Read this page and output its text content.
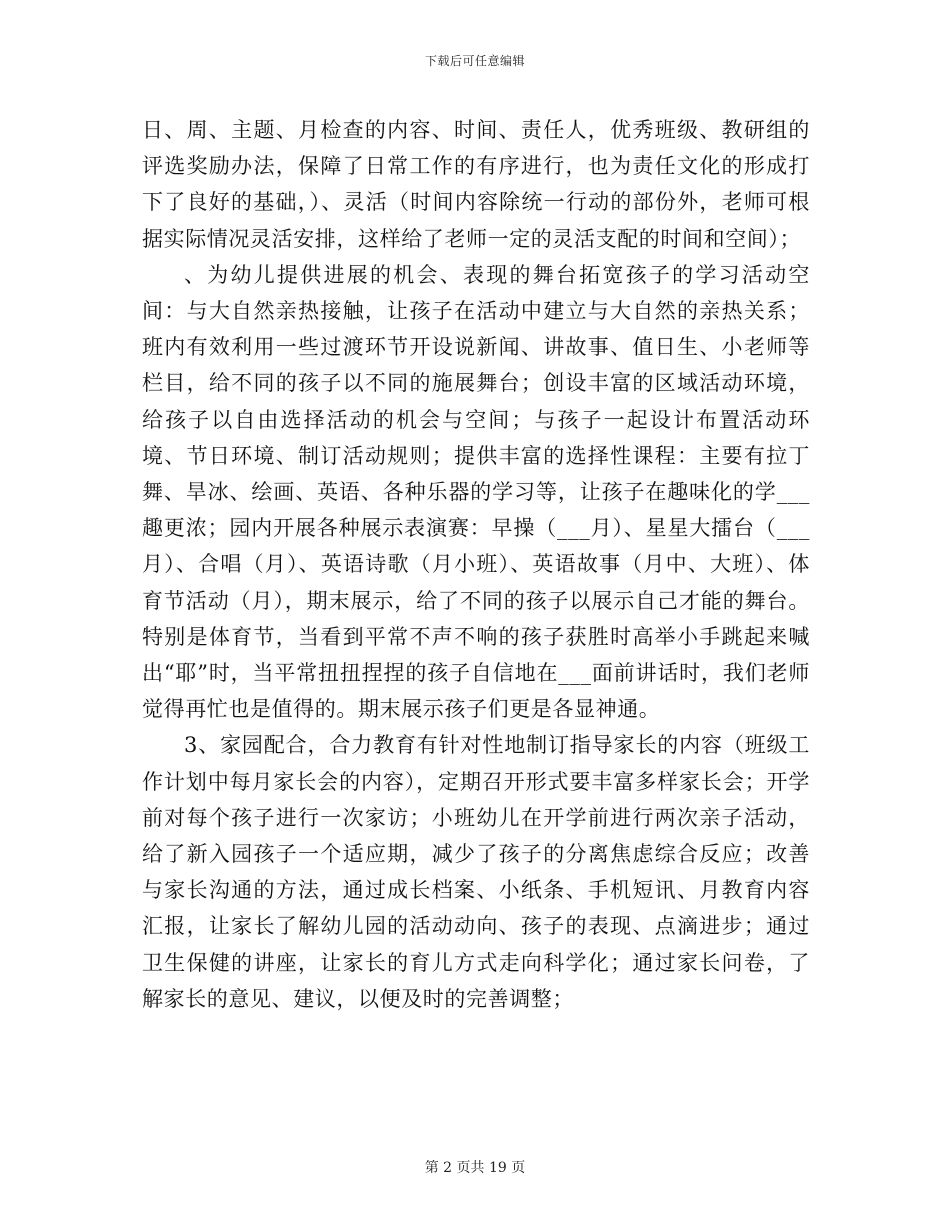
下载后可任意编辑

日、周、主题、月检查的内容、时间、责任人，优秀班级、教研组的评选奖励办法，保障了日常工作的有序进行，也为责任文化的形成打下了良好的基础，）、灵活（时间内容除统一行动的部份外，老师可根据实际情况灵活安排，这样给了老师一定的灵活支配的时间和空间）；

、为幼儿提供进展的机会、表现的舞台拓宽孩子的学习活动空间：与大自然亲热接触，让孩子在活动中建立与大自然的亲热关系；班内有效利用一些过渡环节开设说新闻、讲故事、值日生、小老师等栏目，给不同的孩子以不同的施展舞台；创设丰富的区域活动环境，给孩子以自由选择活动的机会与空间；与孩子一起设计布置活动环境、节日环境、制订活动规则；提供丰富的选择性课程：主要有拉丁舞、旱冰、绘画、英语、各种乐器的学习等，让孩子在趣味化的学___趣更浓；园内开展各种展示表演赛：早操（___月）、星星大擂台（___月）、合唱（月）、英语诗歌（月小班）、英语故事（月中、大班）、体育节活动（月），期末展示，给了不同的孩子以展示自己才能的舞台。特别是体育节，当看到平常不声不响的孩子获胜时高举小手跳起来喊出“耶”时，当平常扭扭捏捏的孩子自信地在___面前讲话时，我们老师觉得再忙也是值得的。期末展示孩子们更是各显神通。

3、家园配合，合力教育有针对性地制订指导家长的内容（班级工作计划中每月家长会的内容），定期召开形式要丰富多样家长会；开学前对每个孩子进行一次家访；小班幼儿在开学前进行两次亲子活动，给了新入园孩子一个适应期，减少了孩子的分离焦虑综合反应；改善与家长沟通的方法，通过成长档案、小纸条、手机短讯、月教育内容汇报，让家长了解幼儿园的活动动向、孩子的表现、点滴进步；通过卫生保健的讲座，让家长的育儿方式走向科学化；通过家长问卷，了解家长的意见、建议，以便及时的完善调整；

第 2 页共 19 页
